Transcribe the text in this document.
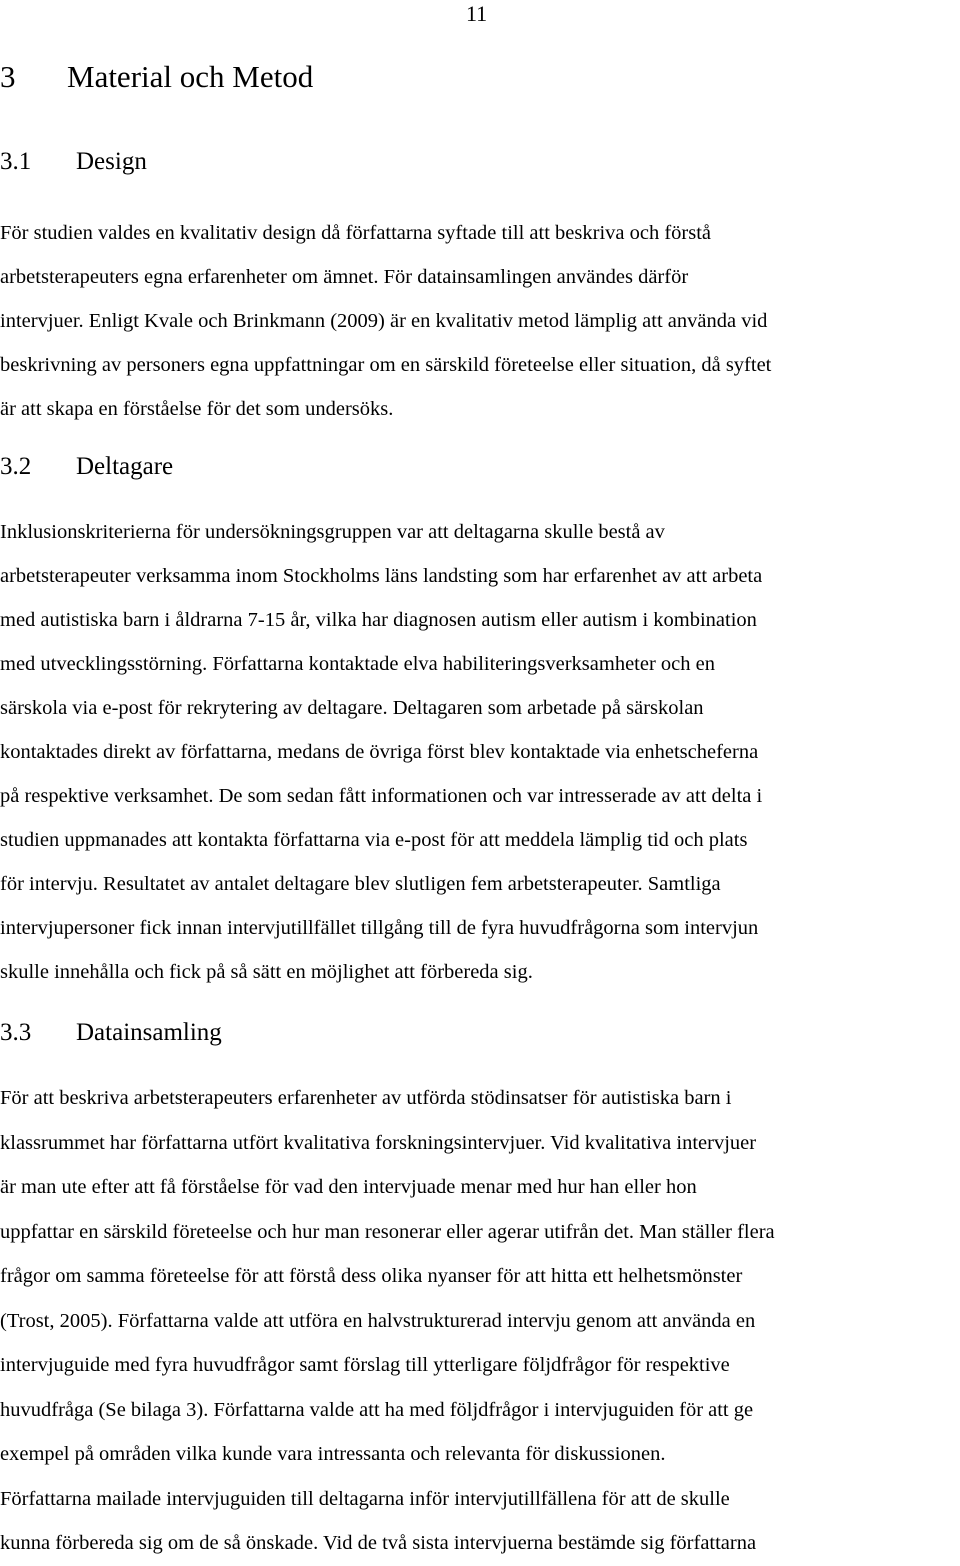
11
3 Material och Metod
3.1 Design
För studien valdes en kvalitativ design då författarna syftade till att beskriva och förstå
arbetsterapeuters egna erfarenheter om ämnet. För datainsamlingen användes därför
intervjuer. Enligt Kvale och Brinkmann (2009) är en kvalitativ metod lämplig att använda vid
beskrivning av personers egna uppfattningar om en särskild företeelse eller situation, då syftet
är att skapa en förståelse för det som undersöks.
3.2 Deltagare
Inklusionskriterierna för undersökningsgruppen var att deltagarna skulle bestå av
arbetsterapeuter verksamma inom Stockholms läns landsting som har erfarenhet av att arbeta
med autistiska barn i åldrarna 7-15 år, vilka har diagnosen autism eller autism i kombination
med utvecklingsstörning. Författarna kontaktade elva habiliteringsverksamheter och en
särskola via e-post för rekrytering av deltagare. Deltagaren som arbetade på särskolan
kontaktades direkt av författarna, medans de övriga först blev kontaktade via enhetscheferna
på respektive verksamhet. De som sedan fått informationen och var intresserade av att delta i
studien uppmanades att kontakta författarna via e-post för att meddela lämplig tid och plats
för intervju. Resultatet av antalet deltagare blev slutligen fem arbetsterapeuter. Samtliga
intervjupersoner fick innan intervjutillfället tillgång till de fyra huvudfrågorna som intervjun
skulle innehålla och fick på så sätt en möjlighet att förbereda sig.
3.3 Datainsamling
För att beskriva arbetsterapeuters erfarenheter av utförda stödinsatser för autistiska barn i
klassrummet har författarna utfört kvalitativa forskningsintervjuer. Vid kvalitativa intervjuer
är man ute efter att få förståelse för vad den intervjuade menar med hur han eller hon
uppfattar en särskild företeelse och hur man resonerar eller agerar utifrån det. Man ställer flera
frågor om samma företeelse för att förstå dess olika nyanser för att hitta ett helhetsmönster
(Trost, 2005). Författarna valde att utföra en halvstrukturerad intervju genom att använda en
intervjuguide med fyra huvudfrågor samt förslag till ytterligare följdfrågor för respektive
huvudfråga (Se bilaga 3). Författarna valde att ha med följdfrågor i intervjuguiden för att ge
exempel på områden vilka kunde vara intressanta och relevanta för diskussionen.
Författarna mailade intervjuguiden till deltagarna inför intervjutillfällena för att de skulle
kunna förbereda sig om de så önskade. Vid de två sista intervjuerna bestämde sig författarna
